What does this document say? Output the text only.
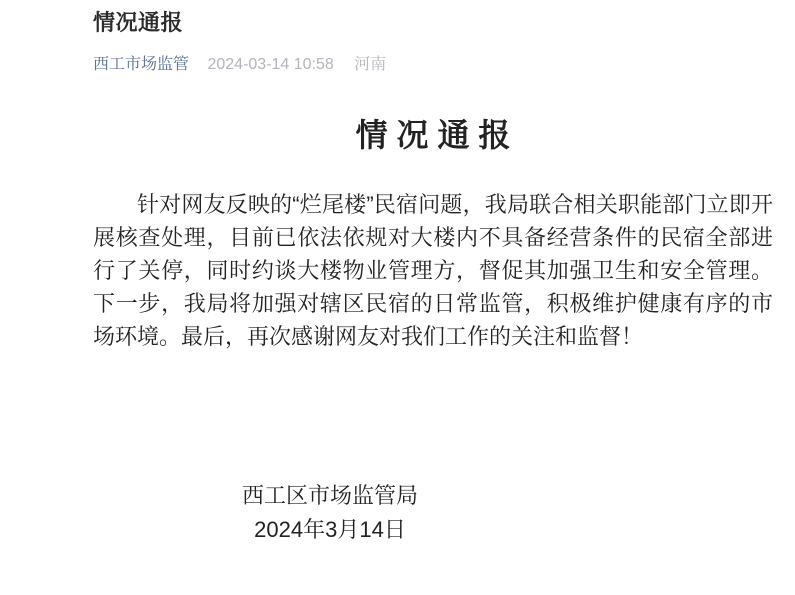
情况通报
西工市场监管 2024-03-14 10:58 河南
情 况 通 报

针对网友反映的“烂尾楼”民宿问题，我局联合相关职能部门立即开展核查处理，目前已依法依规对大楼内不具备经营条件的民宿全部进行了关停，同时约谈大楼物业管理方，督促其加强卫生和安全管理。下一步，我局将加强对辖区民宿的日常监管，积极维护健康有序的市场环境。最后，再次感谢网友对我们工作的关注和监督！

西工区市场监管局
2024年3月14日
